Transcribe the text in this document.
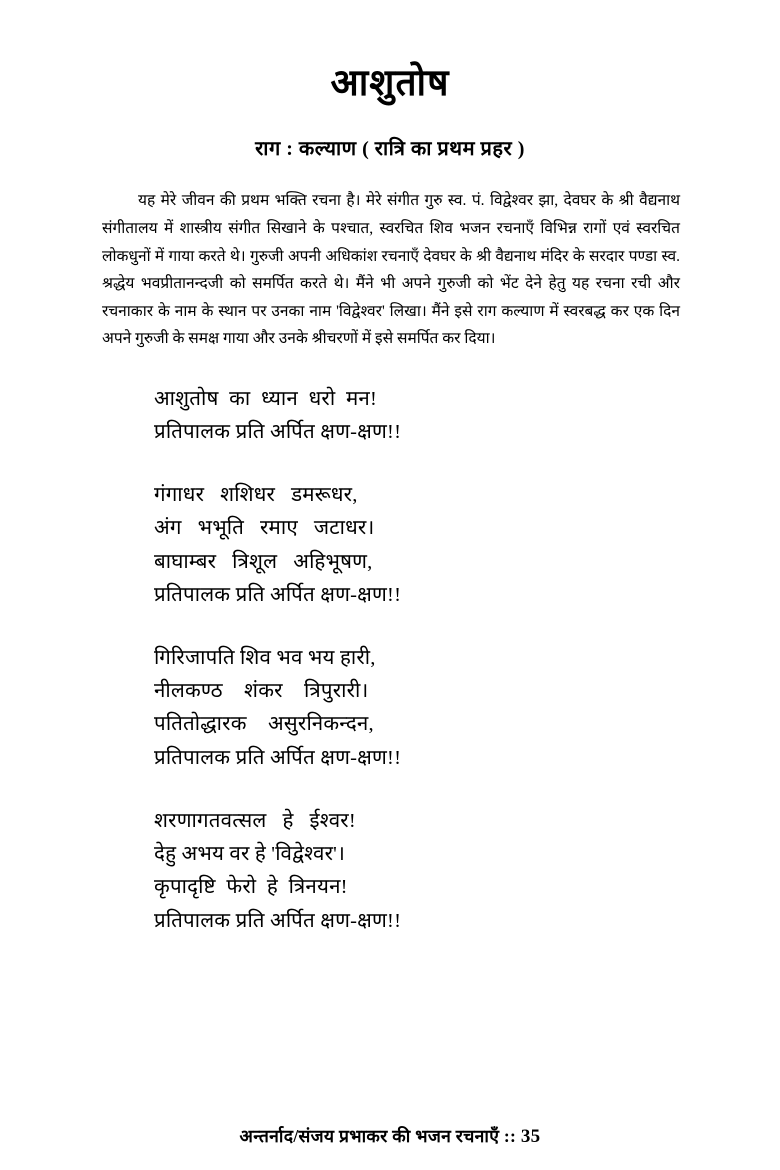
आशुतोष
राग : कल्याण ( रात्रि का प्रथम प्रहर )

यह मेरे जीवन की प्रथम भक्ति रचना है। मेरे संगीत गुरु स्व. पं. विद्वेश्वर झा, देवघर के श्री वैद्यनाथ संगीतालय में शास्त्रीय संगीत सिखाने के पश्चात, स्वरचित शिव भजन रचनाएँ विभिन्न रागों एवं स्वरचित लोकधुनों में गाया करते थे। गुरुजी अपनी अधिकांश रचनाएँ देवघर के श्री वैद्यनाथ मंदिर के सरदार पण्डा स्व. श्रद्धेय भवप्रीतानन्दजी को समर्पित करते थे। मैंने भी अपने गुरुजी को भेंट देने हेतु यह रचना रची और रचनाकार के नाम के स्थान पर उनका नाम 'विद्वेश्वर' लिखा। मैंने इसे राग कल्याण में स्वरबद्ध कर एक दिन अपने गुरुजी के समक्ष गाया और उनके श्रीचरणों में इसे समर्पित कर दिया।

आशुतोष  का  ध्यान  धरो  मन!
प्रतिपालक प्रति अर्पित क्षण-क्षण!!
गंगाधर   शशिधर   डमरूधर,
अंग   भभूति   रमाए   जटाधर।
बाघाम्बर   त्रिशूल   अहिभूषण,
प्रतिपालक प्रति अर्पित क्षण-क्षण!!
गिरिजापति शिव भव भय हारी,
नीलकण्ठ    शंकर    त्रिपुरारी।
पतितोद्धारक    असुरनिकन्दन,
प्रतिपालक प्रति अर्पित क्षण-क्षण!!
शरणागतवत्सल   हे   ईश्वर!
देहु अभय वर हे 'विद्वेश्वर'।
कृपादृष्टि  फेरो  हे  त्रिनयन!
प्रतिपालक प्रति अर्पित क्षण-क्षण!!
अन्तर्नाद/संजय प्रभाकर की भजन रचनाएँ :: 35
